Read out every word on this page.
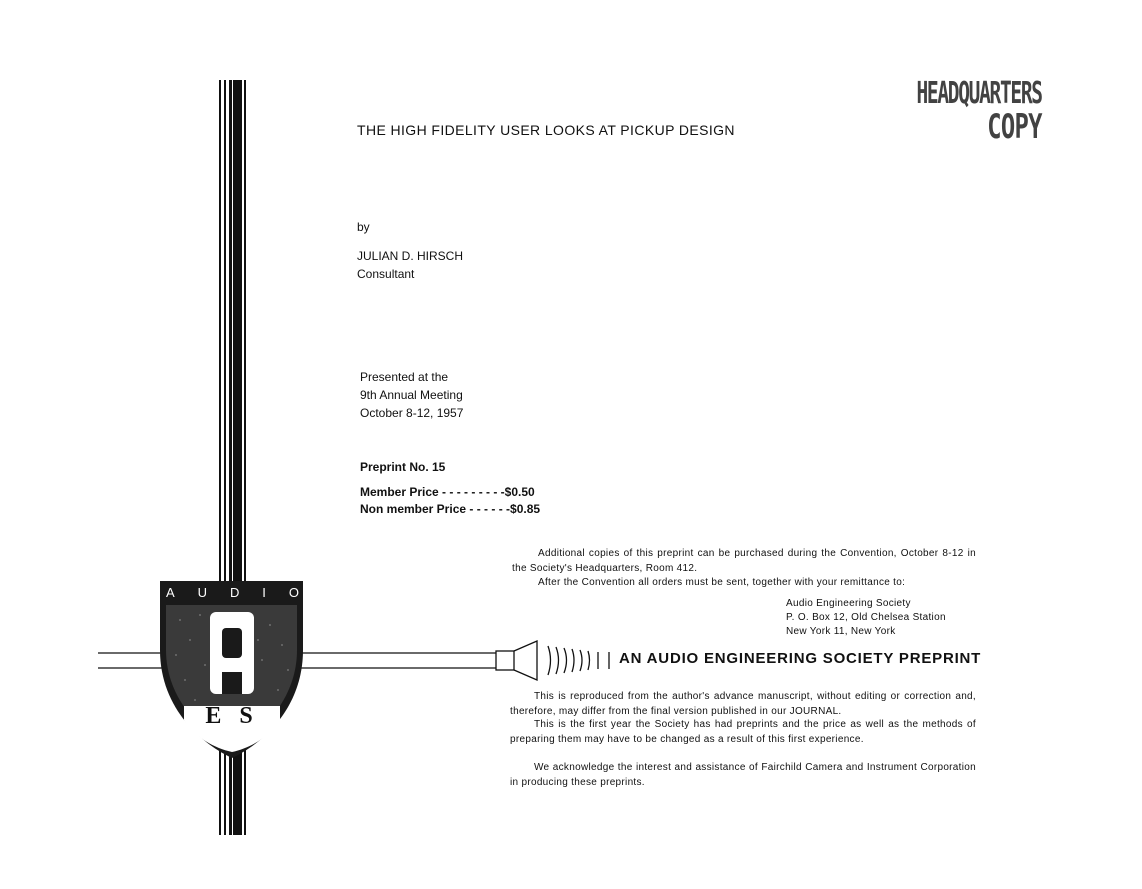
A U D I O
E S
HEADQUARTERS
COPY
THE HIGH FIDELITY USER LOOKS AT PICKUP DESIGN
by
JULIAN D. HIRSCH
Consultant
Presented at the
9th Annual Meeting
October 8-12, 1957
Preprint No. 15
Member Price - - - - - - - - -$0.50
Non member Price - - - - - -$0.85
Additional copies of this preprint can be purchased during the Convention, October 8-12 in the Society's Headquarters, Room 412.
After the Convention all orders must be sent, together with your remittance to:
Audio Engineering Society
P. O. Box 12, Old Chelsea Station
New York 11, New York
AN AUDIO ENGINEERING SOCIETY PREPRINT
This is reproduced from the author's advance manuscript, without editing or correction and, therefore, may differ from the final version published in our JOURNAL.
This is the first year the Society has had preprints and the price as well as the methods of preparing them may have to be changed as a result of this first experience.
We acknowledge the interest and assistance of Fairchild Camera and Instrument Corporation in producing these preprints.
